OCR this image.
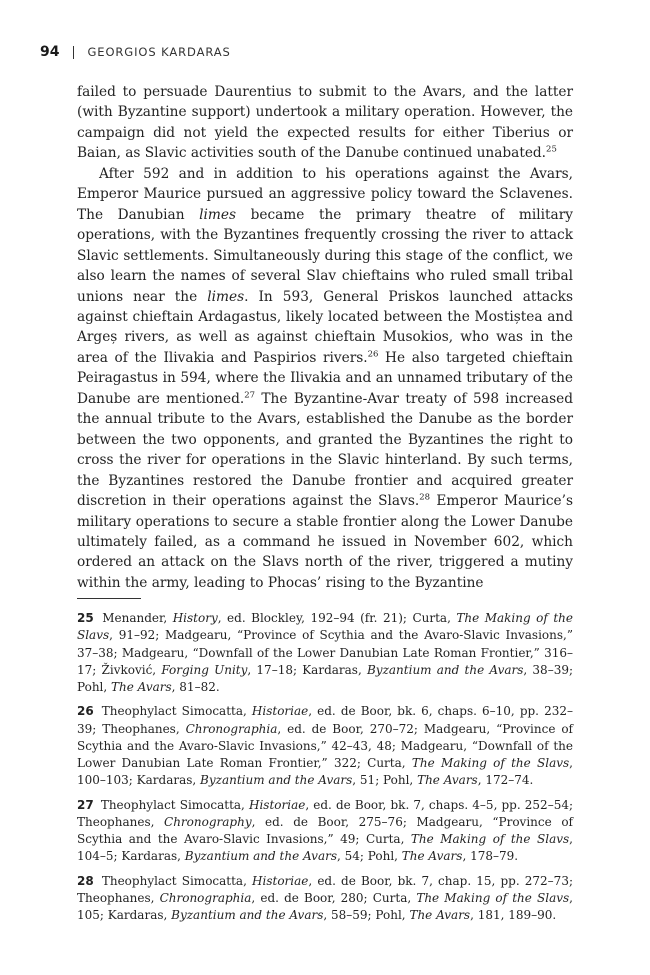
94 GEORGIOS KARDARAS

failed to persuade Daurentius to submit to the Avars, and the latter (with Byzantine support) undertook a military operation. However, the campaign did not yield the expected results for either Tiberius or Baian, as Slavic activities south of the Danube continued unabated.$^{25}$

After 592 and in addition to his operations against the Avars, Emperor Maurice pursued an aggressive policy toward the Sclavenes. The Danubian limes became the primary theatre of military operations, with the Byzantines frequently crossing the river to attack Slavic settlements. Simultaneously during this stage of the conflict, we also learn the names of several Slav chieftains who ruled small tribal unions near the limes. In 593, General Priskos launched attacks against chieftain Ardagastus, likely located between the Mostiștea and Argeș rivers, as well as against chieftain Musokios, who was in the area of the Ilivakia and Paspirios rivers.$^{26}$ He also targeted chieftain Peiragastus in 594, where the Ilivakia and an unnamed tributary of the Danube are mentioned.$^{27}$ The Byzantine-Avar treaty of 598 increased the annual tribute to the Avars, established the Danube as the border between the two opponents, and granted the Byzantines the right to cross the river for operations in the Slavic hinterland. By such terms, the Byzantines restored the Danube frontier and acquired greater discretion in their operations against the Slavs.$^{28}$ Emperor Maurice’s military operations to secure a stable frontier along the Lower Danube ultimately failed, as a command he issued in November 602, which ordered an attack on the Slavs north of the river, triggered a mutiny within the army, leading to Phocas’ rising to the Byzantine

25 Menander, History, ed. Blockley, 192–94 (fr. 21); Curta, The Making of the Slavs, 91–92; Madgearu, “Province of Scythia and the Avaro-Slavic Invasions,” 37–38; Madgearu, “Downfall of the Lower Danubian Late Roman Frontier,” 316–17; Živković, Forging Unity, 17–18; Kardaras, Byzantium and the Avars, 38–39; Pohl, The Avars, 81–82.

26 Theophylact Simocatta, Historiae, ed. de Boor, bk. 6, chaps. 6–10, pp. 232–39; Theophanes, Chronographia, ed. de Boor, 270–72; Madgearu, “Province of Scythia and the Avaro-Slavic Invasions,” 42–43, 48; Madgearu, “Downfall of the Lower Danubian Late Roman Frontier,” 322; Curta, The Making of the Slavs, 100–103; Kardaras, Byzantium and the Avars, 51; Pohl, The Avars, 172–74.

27 Theophylact Simocatta, Historiae, ed. de Boor, bk. 7, chaps. 4–5, pp. 252–54; Theophanes, Chronography, ed. de Boor, 275–76; Madgearu, “Province of Scythia and the Avaro-Slavic Invasions,” 49; Curta, The Making of the Slavs, 104–5; Kardaras, Byzantium and the Avars, 54; Pohl, The Avars, 178–79.

28 Theophylact Simocatta, Historiae, ed. de Boor, bk. 7, chap. 15, pp. 272–73; Theophanes, Chronographia, ed. de Boor, 280; Curta, The Making of the Slavs, 105; Kardaras, Byzantium and the Avars, 58–59; Pohl, The Avars, 181, 189–90.
